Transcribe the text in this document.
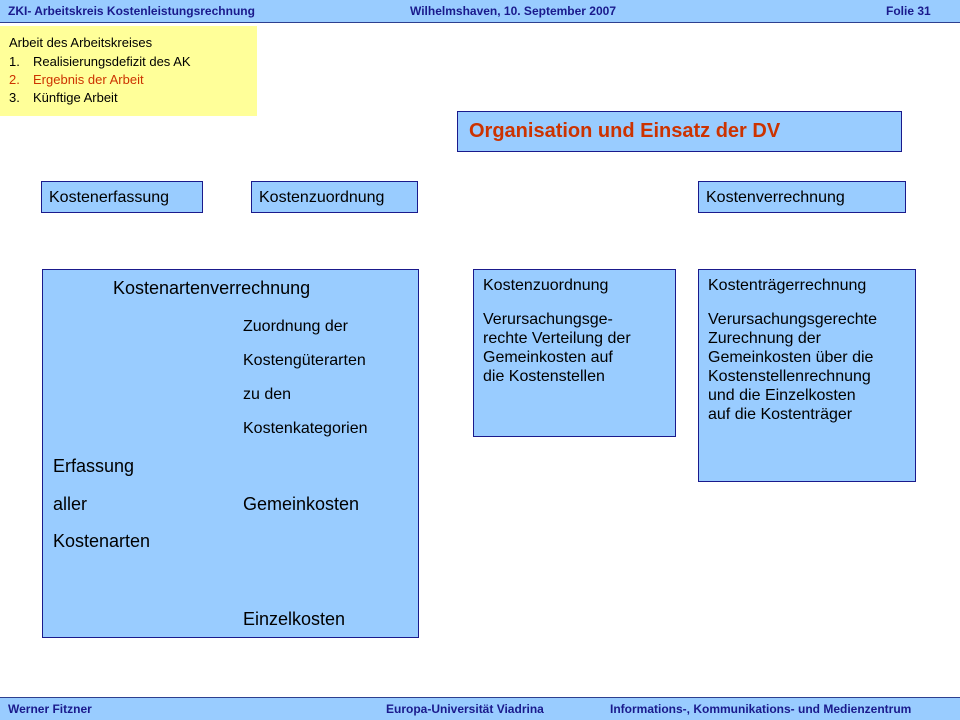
ZKI- Arbeitskreis Kostenleistungsrechnung	Wilhelmshaven, 10. September 2007	Folie 31
Arbeit des Arbeitskreises
1. Realisierungsdefizit des AK
2. Ergebnis der Arbeit
3. Künftige Arbeit
Organisation und Einsatz der DV
Kostenerfassung	Kostenzuordnung	Kostenverrechnung
Kostenartenverrechnung
Zuordnung der
Kostengüterarten
zu den
Kostenkategorien
Erfassung
aller	Gemeinkosten
Kostenarten
Einzelkosten
Kostenzuordnung
Verursachungsge-
rechte Verteilung der
Gemeinkosten auf
die Kostenstellen
Kostenträgerrechnung
Verursachungsgerechte
Zurechnung der
Gemeinkosten über die
Kostenstellenrechnung
und die Einzelkosten
auf die Kostenträger
Werner Fitzner	Europa-Universität Viadrina	Informations-, Kommunikations- und Medienzentrum
